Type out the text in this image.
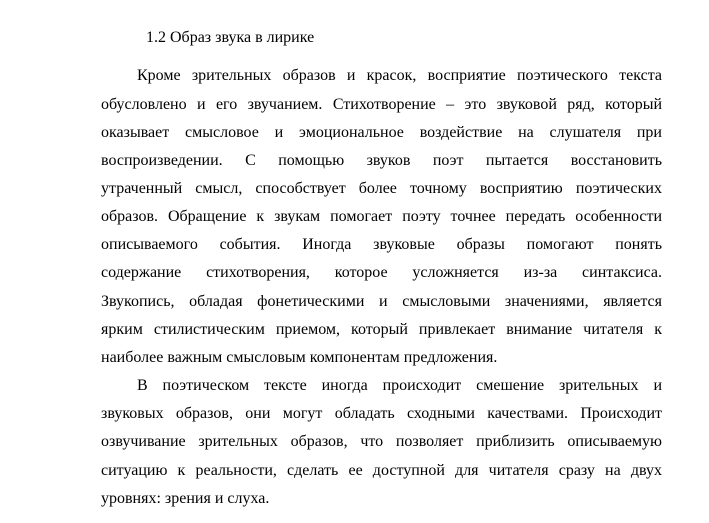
1.2 Образ звука в лирике
Кроме зрительных образов и красок, восприятие поэтического текста
обусловлено и его звучанием. Стихотворение – это звуковой ряд, который
оказывает смысловое и эмоциональное воздействие на слушателя при
воспроизведении. С помощью звуков поэт пытается восстановить
утраченный смысл, способствует более точному восприятию поэтических
образов. Обращение к звукам помогает поэту точнее передать особенности
описываемого события. Иногда звуковые образы помогают понять
содержание стихотворения, которое усложняется из-за синтаксиса.
Звукопись, обладая фонетическими и смысловыми значениями, является
ярким стилистическим приемом, который привлекает внимание читателя к
наиболее важным смысловым компонентам предложения.
В поэтическом тексте иногда происходит смешение зрительных и
звуковых образов, они могут обладать сходными качествами. Происходит
озвучивание зрительных образов, что позволяет приблизить описываемую
ситуацию к реальности, сделать ее доступной для читателя сразу на двух
уровнях: зрения и слуха.
